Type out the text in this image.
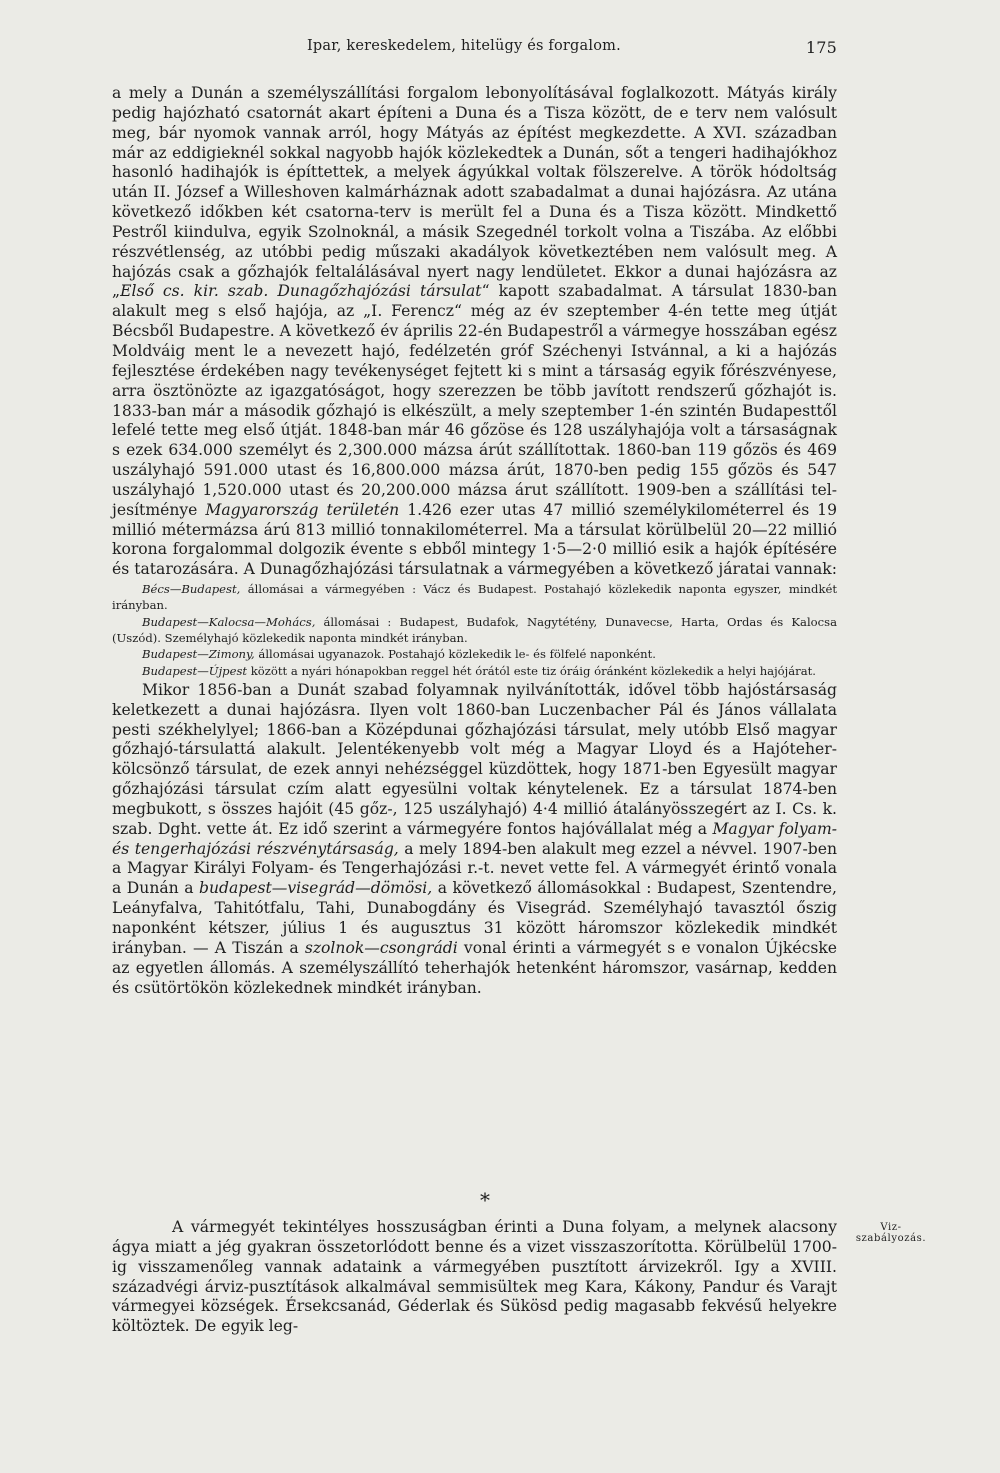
Ipar, kereskedelem, hitelügy és forgalom.	175

a mely a Dunán a személyszállítási forgalom lebonyolításával foglalkozott. Mátyás király pedig hajózható csatornát akart építeni a Duna és a Tisza között, de e terv nem valósult meg, bár nyomok vannak arról, hogy Mátyás az építést megkezdette. A XVI. században már az eddigieknél sokkal nagyobb hajók közlekedtek a Dunán, sőt a tengeri hadihajókhoz hasonló hadihajók is építtettek, a melyek ágyúkkal voltak fölszerelve. A török hódoltság után II. József a Willeshoven kalmárháznak adott szabadalmat a dunai hajózásra. Az utána következő időkben két csatorna-terv is merült fel a Duna és a Tisza között. Mindkettő Pestről kiindulva, egyik Szolnoknál, a másik Szegednél torkolt volna a Tiszába. Az előbbi részvétlenség, az utóbbi pedig műszaki akadályok következtében nem valósult meg. A hajózás csak a gőzhajók feltalálásával nyert nagy lendületet. Ekkor a dunai hajózásra az „Első cs. kir. szab. Dunagőzhajózási társulat“ kapott szabadalmat. A társulat 1830-ban alakult meg s első hajója, az „I. Ferencz“ még az év szeptember 4-én tette meg útját Bécsből Budapestre. A következő év április 22-én Budapestről a vármegye hosszában egész Moldváig ment le a nevezett hajó, fedélzetén gróf Széchenyi Istvánnal, a ki a hajózás fejlesztése érdekében nagy tevékenységet fejtett ki s mint a társaság egyik főrészvényese, arra ösztönözte az igazgatóságot, hogy szerezzen be több javított rendszerű gőzhajót is. 1833-ban már a második gőzhajó is elkészült, a mely szeptember 1-én szintén Budapesttől lefelé tette meg első útját. 1848-ban már 46 gőzöse és 128 uszályhajója volt a társaságnak s ezek 634.000 személyt és 2,300.000 mázsa árút szállítottak. 1860-ban 119 gőzös és 469 uszályhajó 591.000 utast és 16,800.000 mázsa árút, 1870-ben pedig 155 gőzös és 547 uszályhajó 1,520.000 utast és 20,200.000 mázsa árut szállított. 1909-ben a szállítási teljesítménye Magyarország területén 1.426 ezer utas 47 millió személykilométerrel és 19 millió métermázsa árú 813 millió tonnakilométerrel. Ma a társulat körülbelül 20—22 millió korona forgalommal dolgozik évente s ebből mintegy 1·5—2·0 millió esik a hajók építésére és tatarozására. A Dunagőzhajózási társulatnak a vármegyében a következő járatai vannak:

Bécs—Budapest, állomásai a vármegyében : Vácz és Budapest. Postahajó közlekedik naponta egyszer, mindkét irányban.

Budapest—Kalocsa—Mohács, állomásai : Budapest, Budafok, Nagytétény, Dunavecse, Harta, Ordas és Kalocsa (Uszód). Személyhajó közlekedik naponta mindkét irányban.

Budapest—Zimony, állomásai ugyanazok. Postahajó közlekedik le- és fölfelé naponként.

Budapest—Újpest között a nyári hónapokban reggel hét órától este tiz óráig óránként közlekedik a helyi hajójárat.

Mikor 1856-ban a Dunát szabad folyamnak nyilvánították, idővel több hajóstársaság keletkezett a dunai hajózásra. Ilyen volt 1860-ban Luczenbacher Pál és János vállalata pesti székhelylyel; 1866-ban a Középdunai gőzhajózási társulat, mely utóbb Első magyar gőzhajó-társulattá alakult. Jelentékenyebb volt még a Magyar Lloyd és a Hajóteher-kölcsönző társulat, de ezek annyi nehézséggel küzdöttek, hogy 1871-ben Egyesült magyar gőzhajózási társulat czím alatt egyesülni voltak kénytelenek. Ez a társulat 1874-ben megbukott, s összes hajóit (45 gőz-, 125 uszályhajó) 4·4 millió átalányösszegért az I. Cs. k. szab. Dght. vette át. Ez idő szerint a vármegyére fontos hajóvállalat még a Magyar folyam- és tengerhajózási részvénytársaság, a mely 1894-ben alakult meg ezzel a névvel. 1907-ben a Magyar Királyi Folyam- és Tengerhajózási r.-t. nevet vette fel. A vármegyét érintő vonala a Dunán a budapest—visegrád—dömösi, a következő állomásokkal : Budapest, Szentendre, Leányfalva, Tahitótfalu, Tahi, Dunabogdány és Visegrád. Személyhajó tavasztól őszig naponként kétszer, július 1 és augusztus 31 között háromszor közlekedik mindkét irányban. — A Tiszán a szolnok—csongrádi vonal érinti a vármegyét s e vonalon Újkécske az egyetlen állomás. A személyszállító teherhajók hetenként háromszor, vasárnap, kedden és csütörtökön közlekednek mindkét irányban.

*

A vármegyét tekintélyes hosszuságban érinti a Duna folyam, a melynek alacsony ágya miatt a jég gyakran összetorlódott benne és a vizet visszaszorította. Körülbelül 1700-ig visszamenőleg vannak adataink a vármegyében pusztított árvizekről. Igy a XVIII. századvégi árviz-pusztítások alkalmával semmisültek meg Kara, Kákony, Pandur és Varajt vármegyei községek. Érsekcsanád, Géderlak és Sükösd pedig magasabb fekvésű helyekre költöztek. De egyik leg-

Viz-
szabályozás.
